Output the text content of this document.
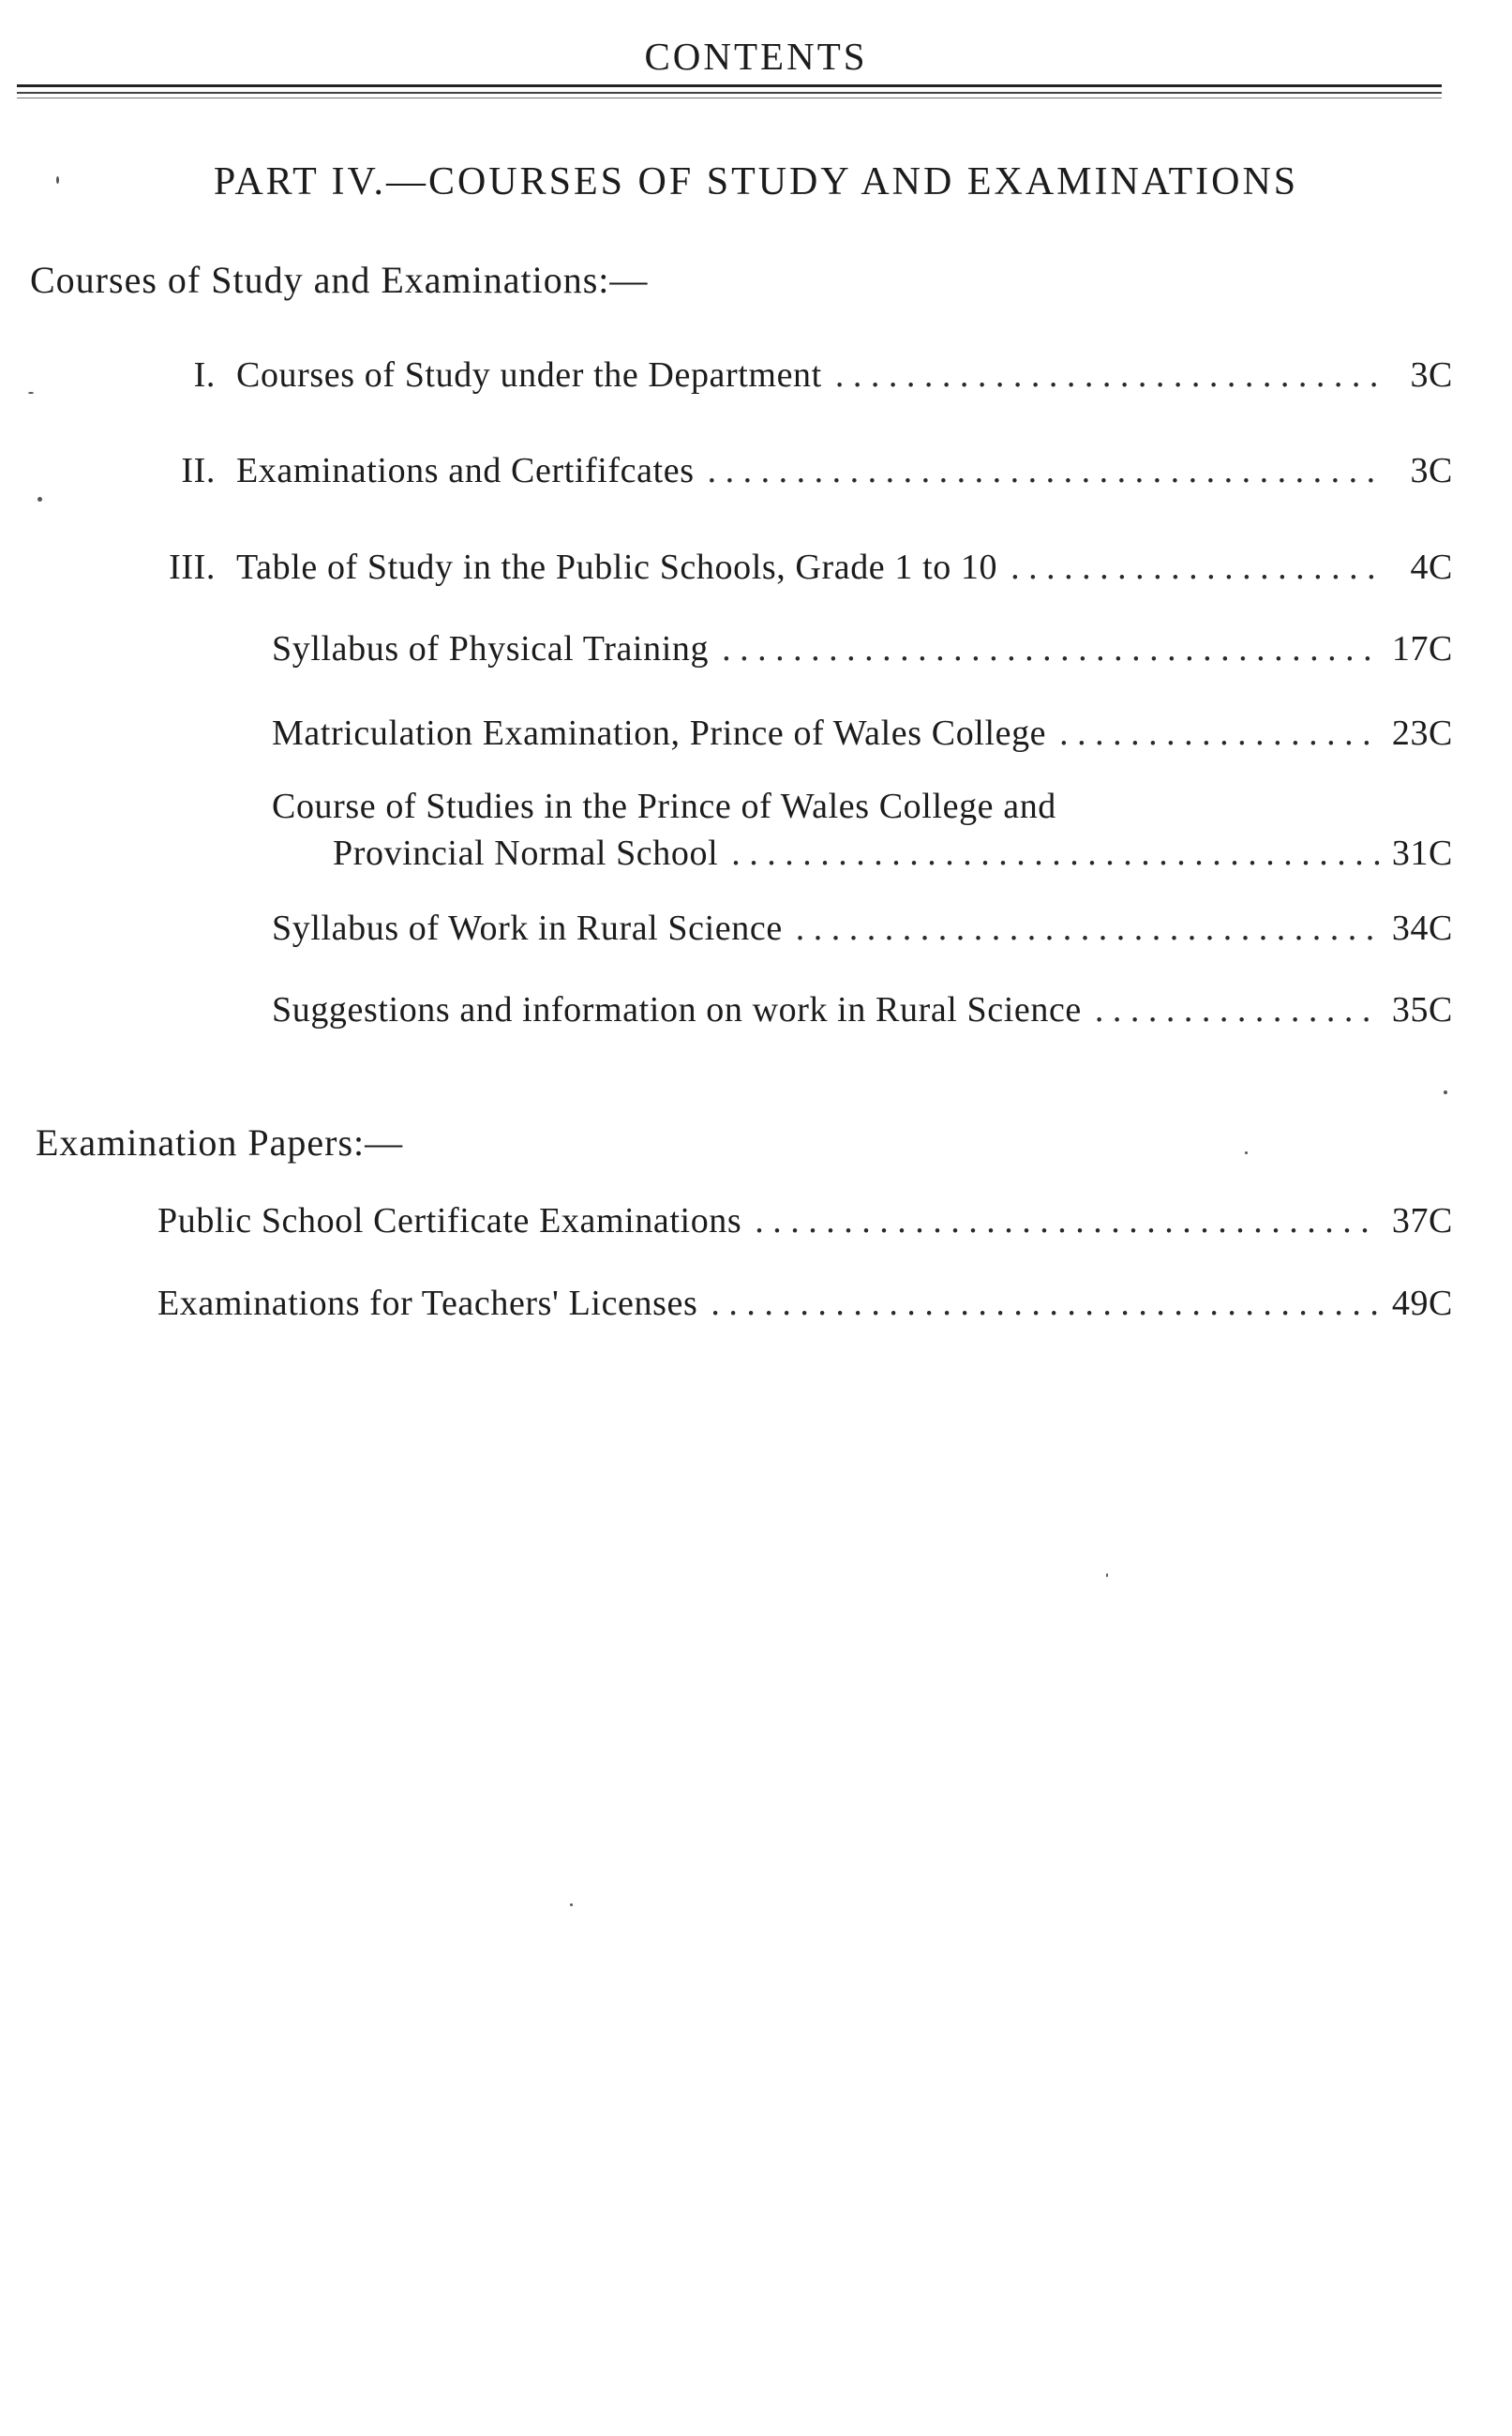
CONTENTS
PART IV.—COURSES OF STUDY AND EXAMINATIONS
Courses of Study and Examinations:—
I. Courses of Study under the Department . . .	3C
II. Examinations and Certififcates . . .	3C
III. Table of Study in the Public Schools, Grade 1 to 10 . . .	4C
Syllabus of Physical Training . . .	17C
Matriculation Examination, Prince of Wales College . . .	23C
Course of Studies in the Prince of Wales College and
Provincial Normal School . . .	31C
Syllabus of Work in Rural Science . . .	34C
Suggestions and information on work in Rural Science . . .	35C
Examination Papers:—
Public School Certificate Examinations . . .	37C
Examinations for Teachers' Licenses . . .	49C
